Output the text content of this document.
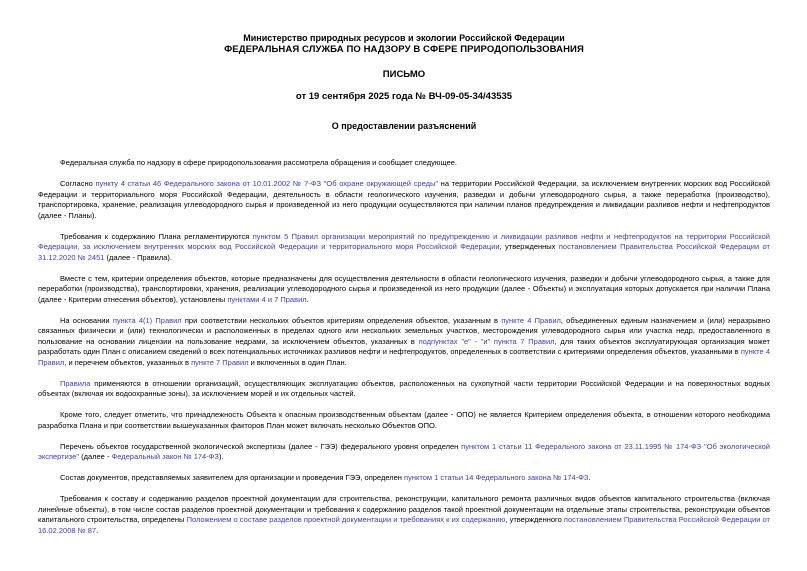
Министерство природных ресурсов и экологии Российской Федерации
ФЕДЕРАЛЬНАЯ СЛУЖБА ПО НАДЗОРУ В СФЕРЕ ПРИРОДОПОЛЬЗОВАНИЯ
ПИСЬМО
от 19 сентября 2025 года № ВЧ-09-05-34/43535
О предоставлении разъяснений

Федеральная служба по надзору в сфере природопользования рассмотрела обращения и сообщает следующее.

Согласно пункту 4 статьи 46 Федерального закона от 10.01.2002 № 7-ФЗ "Об охране окружающей среды" на территории Российской Федерации, за исключением внутренних морских вод Российской Федерации и территориального моря Российской Федерации, деятельность в области геологического изучения, разведки и добычи углеводородного сырья, а также переработка (производство), транспортировка, хранение, реализация углеводородного сырья и произведенной из него продукции осуществляются при наличии планов предупреждения и ликвидации разливов нефти и нефтепродуктов (далее - Планы).

Требования к содержанию Плана регламентируются пунктом 5 Правил организации мероприятий по предупреждению и ликвидации разливов нефти и нефтепродуктов на территории Российской Федерации, за исключением внутренних морских вод Российской Федерации и территориального моря Российской Федерации, утвержденных постановлением Правительства Российской Федерации от 31.12.2020 № 2451 (далее - Правила).

Вместе с тем, критерии определения объектов, которые предназначены для осуществления деятельности в области геологического изучения, разведки и добычи углеводородного сырья, а также для переработки (производства), транспортировки, хранения, реализации углеводородного сырья и произведенной из него продукции (далее - Объекты) и эксплуатация которых допускается при наличии Плана (далее - Критерии отнесения объектов), установлены пунктами 4 и 7 Правил.

На основании пункта 4(1) Правил при соответствии нескольких объектов критериям определения объектов, указанным в пункте 4 Правил, объединенных единым назначением и (или) неразрывно связанных физически и (или) технологически и расположенных в пределах одного или нескольких земельных участков, месторождения углеводородного сырья или участка недр, предоставленного в пользование на основании лицензии на пользование недрами, за исключением объектов, указанных в подпунктах "е" - "и" пункта 7 Правил, для таких объектов эксплуатирующая организация может разработать один План с описанием сведений о всех потенциальных источниках разливов нефти и нефтепродуктов, определенных в соответствии с критериями определения объектов, указанными в пункте 4 Правил, и перечнем объектов, указанных в пункте 7 Правил и включенных в один План.

Правила применяются в отношении организаций, осуществляющих эксплуатацию объектов, расположенных на сухопутной части территории Российской Федерации и на поверхностных водных объектах (включая их водоохранные зоны), за исключением морей и их отдельных частей.

Кроме того, следует отметить, что принадлежность Объекта к опасным производственным объектам (далее - ОПО) не является Критерием определения объекта, в отношении которого необходима разработка Плана и при соответствии вышеуказанных факторов План может включать несколько Объектов ОПО.

Перечень объектов государственной экологической экспертизы (далее - ГЭЭ) федерального уровня определен пунктом 1 статьи 11 Федерального закона от 23.11.1995 № 174-ФЗ "Об экологической экспертизе" (далее - Федеральный закон № 174-ФЗ).

Состав документов, представляемых заявителем для организации и проведения ГЭЭ, определен пунктом 1 статьи 14 Федерального закона № 174-ФЗ.

Требования к составу и содержанию разделов проектной документации для строительства, реконструкции, капитального ремонта различных видов объектов капитального строительства (включая линейные объекты), в том числе состав разделов проектной документации и требования к содержанию разделов такой проектной документации на отдельные этапы строительства, реконструкции объектов капитального строительства, определены Положением о составе разделов проектной документации и требованиях к их содержанию, утвержденного постановлением Правительства Российской Федерации от 16.02.2008 № 87.
